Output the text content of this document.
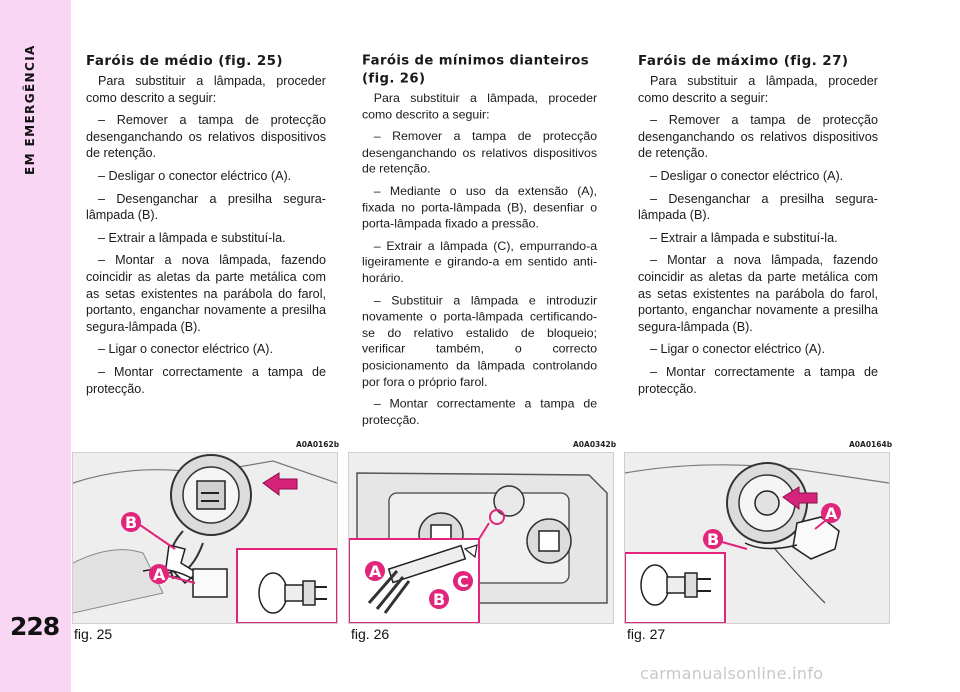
EM EMERGÊNCIA
228
Faróis de médio (fig. 25)

Para substituir a lâmpada, proceder como descrito a seguir:

– Remover a tampa de protecção desenganchando os relativos dispositivos de retenção.

– Desligar o conector eléctrico (A).

– Desenganchar a presilha segura-lâmpada (B).

– Extrair a lâmpada e substituí-la.

– Montar a nova lâmpada, fazendo coincidir as aletas da parte metálica com as setas existentes na parábola do farol, portanto, enganchar novamente a presilha segura-lâmpada (B).

– Ligar o conector eléctrico (A).

– Montar correctamente a tampa de protecção.

Faróis de mínimos dianteiros (fig. 26)

Para substituir a lâmpada, proceder como descrito a seguir:

– Remover a tampa de protecção desenganchando os relativos dispositivos de retenção.

– Mediante o uso da extensão (A), fixada no porta-lâmpada (B), desenfiar o porta-lâmpada fixado a pressão.

– Extrair a lâmpada (C), empurrando-a ligeiramente e girando-a em sentido anti-horário.

– Substituir a lâmpada e introduzir novamente o porta-lâmpada certificando-se do relativo estalido de bloqueio; verificar também, o correcto posicionamento da lâmpada controlando por fora o próprio farol.

– Montar correctamente a tampa de protecção.

Faróis de máximo (fig. 27)

Para substituir a lâmpada, proceder como descrito a seguir:

– Remover a tampa de protecção desenganchando os relativos dispositivos de retenção.

– Desligar o conector eléctrico (A).

– Desenganchar a presilha segura-lâmpada (B).

– Extrair a lâmpada e substituí-la.

– Montar a nova lâmpada, fazendo coincidir as aletas da parte metálica com as setas existentes na parábola do farol, portanto, enganchar novamente a presilha segura-lâmpada (B).

– Ligar o conector eléctrico (A).

– Montar correctamente a tampa de protecção.

A0A0162b	A0A0342b	A0A0164b
B
A	A
B
C
B
A
fig. 25	fig. 26	fig. 27
carmanualsonline.info
